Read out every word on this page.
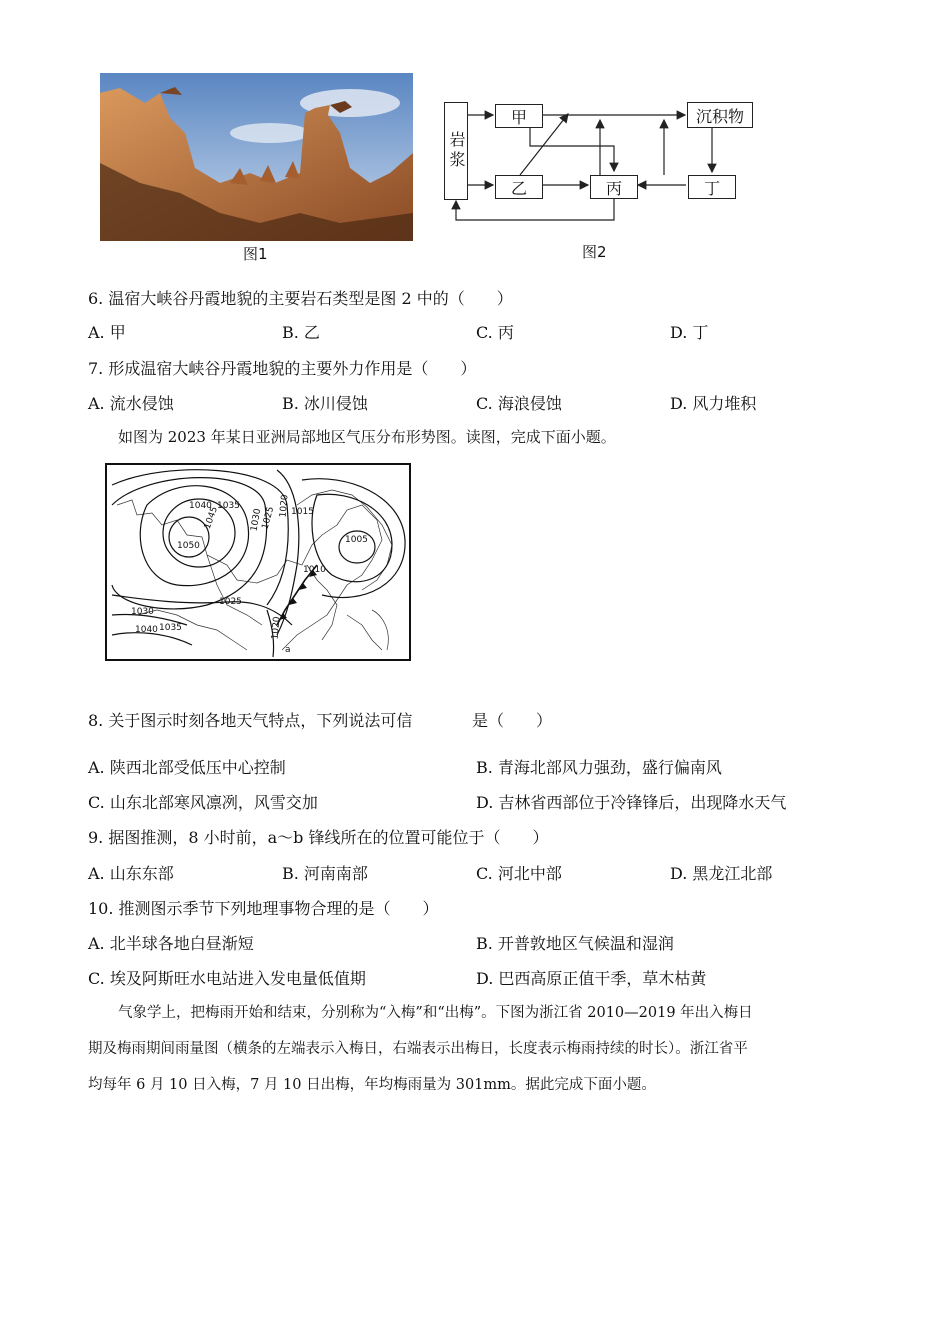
图1
岩浆
甲
乙	丙	丁
沉积物
图2
6. 温宿大峡谷丹霞地貌的主要岩石类型是图 2 中的（　　）
A. 甲	B. 乙	C. 丙	D. 丁
7. 形成温宿大峡谷丹霞地貌的主要外力作用是（　　）
A. 流水侵蚀	B. 冰川侵蚀	C. 海浪侵蚀	D. 风力堆积
如图为 2023 年某日亚洲局部地区气压分布形势图。读图，完成下面小题。
1040 1035
1045
1050
1030
1025 1020 1015
1005
1010
1025
1030
1040 1035	1020
a
8. 关于图示时刻各地天气特点，下列说法可信	是（　　）
A. 陕西北部受低压中心控制	B. 青海北部风力强劲，盛行偏南风
C. 山东北部寒风凛冽，风雪交加	D. 吉林省西部位于冷锋锋后，出现降水天气
9. 据图推测，8 小时前，a～b 锋线所在的位置可能位于（　　）
A. 山东东部	B. 河南南部	C. 河北中部	D. 黑龙江北部
10. 推测图示季节下列地理事物合理的是（　　）
A. 北半球各地白昼渐短	B. 开普敦地区气候温和湿润
C. 埃及阿斯旺水电站进入发电量低值期	D. 巴西高原正值干季，草木枯黄
气象学上，把梅雨开始和结束，分别称为“入梅”和“出梅”。下图为浙江省 2010—2019 年出入梅日
期及梅雨期间雨量图（横条的左端表示入梅日，右端表示出梅日，长度表示梅雨持续的时长）。浙江省平
均每年 6 月 10 日入梅，7 月 10 日出梅，年均梅雨量为 301mm。据此完成下面小题。
